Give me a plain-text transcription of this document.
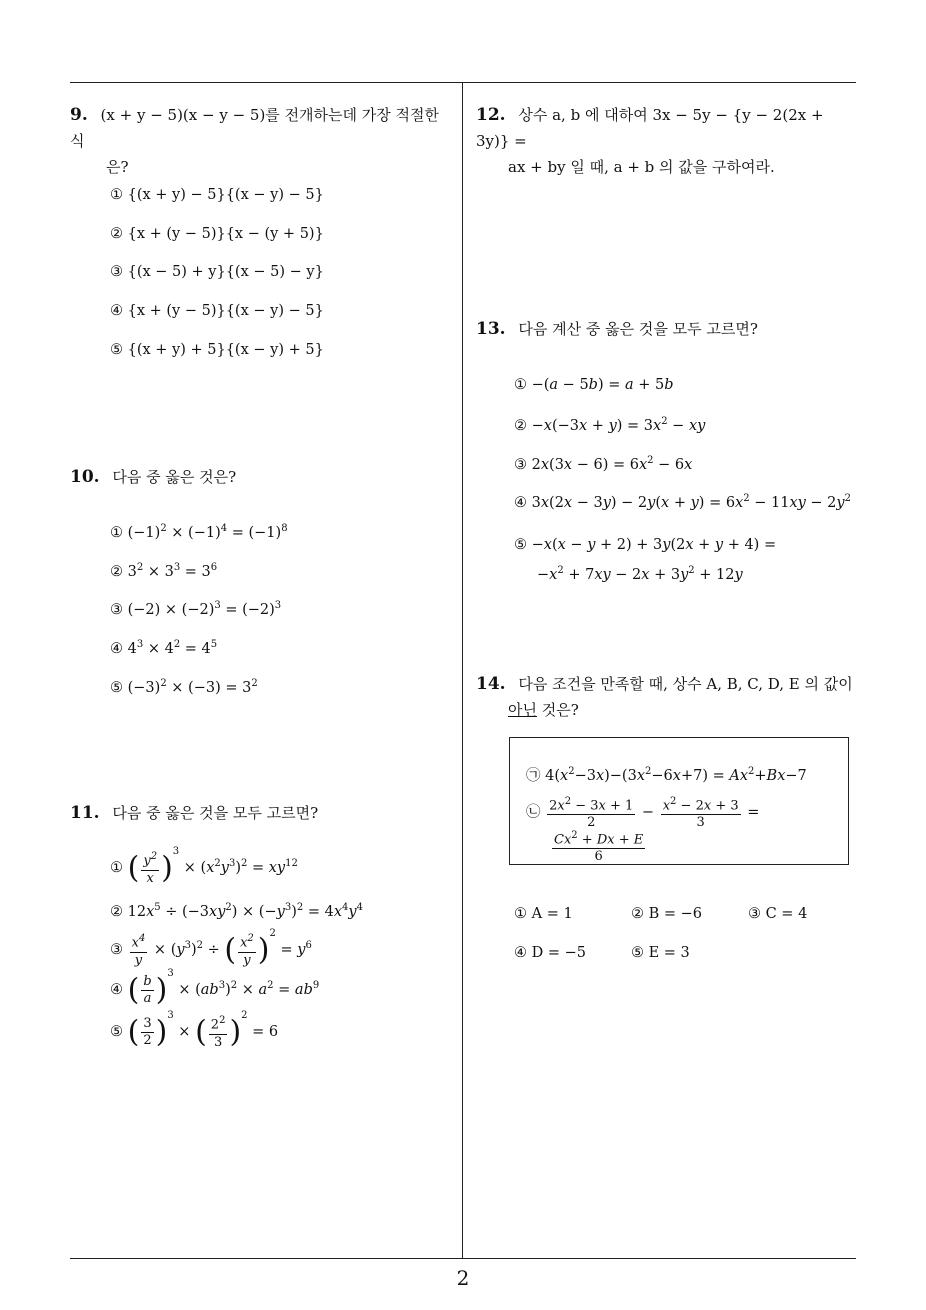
2
9. (x + y − 5)(x − y − 5)를 전개하는데 가장 적절한 식
은?
① {(x + y) − 5}{(x − y) − 5}
② {x + (y − 5)}{x − (y + 5)}
③ {(x − 5) + y}{(x − 5) − y}
④ {x + (y − 5)}{(x − y) − 5}
⑤ {(x + y) + 5}{(x − y) + 5}
10. 다음 중 옳은 것은?
① $(-1)^2 \times (-1)^4 = (-1)^8$
② $3^2 \times 3^3 = 3^6$
③ $(-2) \times (-2)^3 = (-2)^3$
④ $4^3 \times 4^2 = 4^5$
⑤ $(-3)^2 \times (-3) = 3^2$
11. 다음 중 옳은 것을 모두 고르면?
① ( $\frac{y^2}{x} )^3 \times (x^2y^3)^2 = xy^{12}$
② $12x^5 \div (-3xy^2) \times (-y^3)^2 = 4x^4y^4$
③ $\frac{x^4}{y} \times (y^3)^2$ ÷ ( $\frac{x^2}{y} )^2 = y^6$
④ ( $\frac{b}{a} )^3 \times (ab^3)^2 \times a^2 = ab^9$
⑤ ( $\frac{3}{2} )^3$ × ( $\frac{2^2}{3} )^2 = 6$
12. 상수 a, b 에 대하여 3x − 5y − {y − 2(2x + 3y)} =
ax + by 일 때, a + b 의 값을 구하여라.
13. 다음 계산 중 옳은 것을 모두 고르면?
① −(a − 5b) = a + 5b
② $-x(-3x + y) = 3x^2$ − xy
③ $2x(3x - 6) = 6x^2 - 6x$
④ $3x(2x - 3y) - 2y(x + y) = 6x^2 - 11xy - 2y^2$
⑤ −x(x − y + 2) + 3y(2x + y + 4) =
$-x^2 + 7xy - 2x + 3y^2 + 12y$
14. 다음 조건을 만족할 때, 상수 A, B, C, D, E 의 값이
아닌 것은?
㉠ $4(x^2-3x)-(3x^2-6x+7) = Ax^2+Bx-7$
㉡ $\frac{2x^2 - 3x + 1}{2} - \frac{x^2 - 2x + 3}{3}$ =
$\frac{Cx^2 + Dx + E}{6}$
① A = 1	② B = −6	③ C = 4
④ D = −5	⑤ E = 3
